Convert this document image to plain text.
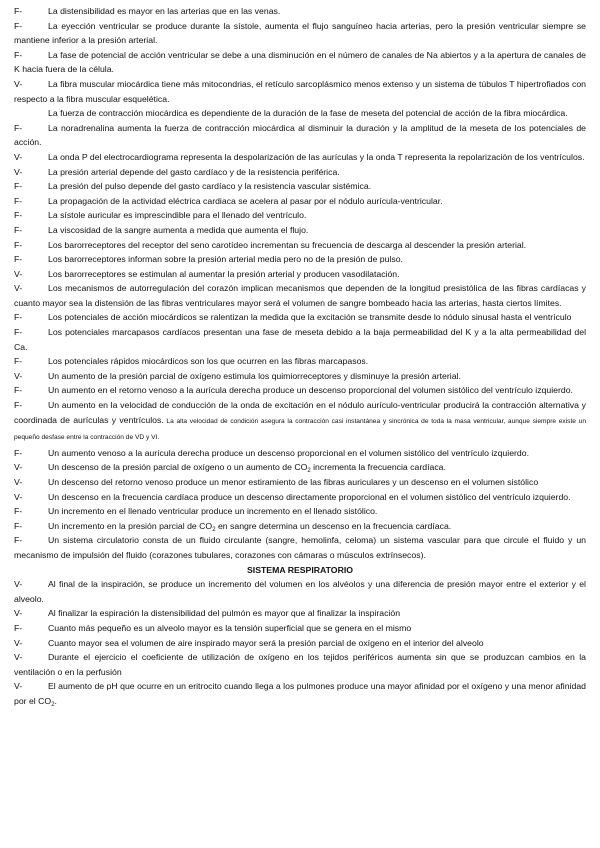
F-	La distensibilidad es mayor en las arterias que en las venas.

F-	La eyección ventricular se produce durante la sístole, aumenta el flujo sanguíneo hacia arterias, pero la presión ventricular siempre se mantiene inferior a la presión arterial.

F-	La fase de potencial de acción ventricular se debe a una disminución en el número de canales de Na abiertos y a la apertura de canales de K hacia fuera de la célula.

V-	La fibra muscular miocárdica tiene más mitocondrias, el retículo sarcoplásmico menos extenso y un sistema de túbulos T hipertrofiados con respecto a la fibra muscular esquelética.

La fuerza de contracción miocárdica es dependiente de la duración de la fase de meseta del potencial de acción de la fibra miocárdica.

F-	La noradrenalina aumenta la fuerza de contracción miocárdica al disminuir la duración y la amplitud de la meseta de los potenciales de acción.

V-	La onda P del electrocardiograma representa la despolarización de las aurículas y la onda T representa la repolarización de los ventrículos.

V-	La presión arterial depende del gasto cardíaco y de la resistencia periférica.

F-	La presión del pulso depende del gasto cardíaco y la resistencia vascular sistémica.

F-	La propagación de la actividad eléctrica cardiaca se acelera al pasar por el nódulo aurícula-ventricular.

F-	La sístole auricular es imprescindible para el llenado del ventrículo.

F-	La viscosidad de la sangre aumenta a medida que aumenta el flujo.

F-	Los barorreceptores del receptor del seno carotídeo incrementan su frecuencia de descarga al descender la presión arterial.

F-	Los barorreceptores informan sobre la presión arterial media pero no de la presión de pulso.

V-	Los barorreceptores se estimulan al aumentar la presión arterial y producen vasodilatación.

V-	Los mecanismos de autorregulación del corazón implican mecanismos que dependen de la longitud presistólica de las fibras cardíacas y cuanto mayor sea la distensión de las fibras ventriculares mayor será el volumen de sangre bombeado hacia las arterias, hasta ciertos límites.

F-	Los potenciales de acción miocárdicos se ralentizan la medida que la excitación se transmite desde lo nódulo sinusal hasta el ventrículo

F-	Los potenciales marcapasos cardíacos presentan una fase de meseta debido a la baja permeabilidad del K y a la alta permeabilidad del Ca.

F-	Los potenciales rápidos miocárdicos son los que ocurren en las fibras marcapasos.

V-	Un aumento de la presión parcial de oxígeno estimula los quimiorreceptores y disminuye la presión arterial.

F-	Un aumento en el retorno venoso a la aurícula derecha produce un descenso proporcional del volumen sistólico del ventrículo izquierdo.

F-	Un aumento en la velocidad de conducción de la onda de excitación en el nódulo aurículo-ventricular producirá la contracción alternativa y coordinada de aurículas y ventrículos. La alta velocidad de condición asegura la contracción casi instantánea y sincrónica de toda la masa ventricular, aunque siempre existe un pequeño desfase entre la contracción de VD y VI.

F-	Un aumento venoso a la aurícula derecha produce un descenso proporcional en el volumen sistólico del ventrículo izquierdo.

V-	Un descenso de la presión parcial de oxígeno o un aumento de $CO_2$ incrementa la frecuencia cardíaca.

V-	Un descenso del retorno venoso produce un menor estiramiento de las fibras auriculares y un descenso en el volumen sistólico

V-	Un descenso en la frecuencia cardíaca produce un descenso directamente proporcional en el volumen sistólico del ventrículo izquierdo.

F-	Un incremento en el llenado ventricular produce un incremento en el llenado sistólico.

F-	Un incremento en la presión parcial de $CO_2$ en sangre determina un descenso en la frecuencia cardíaca.

F-	Un sistema circulatorio consta de un fluido circulante (sangre, hemolinfa, celoma) un sistema vascular para que circule el fluido y un mecanismo de impulsión del fluido (corazones tubulares, corazones con cámaras o músculos extrínsecos).

SISTEMA RESPIRATORIO

V-	Al final de la inspiración, se produce un incremento del volumen en los alvéolos y una diferencia de presión mayor entre el exterior y el alveolo.

V-	Al finalizar la espiración la distensibilidad del pulmón es mayor que al finalizar la inspiración

F-	Cuanto más pequeño es un alveolo mayor es la tensión superficial que se genera en el mismo

V-	Cuanto mayor sea el volumen de aire inspirado mayor será la presión parcial de oxígeno en el interior del alveolo

V-	Durante el ejercicio el coeficiente de utilización de oxígeno en los tejidos periféricos aumenta sin que se produzcan cambios en la ventilación o en la perfusión

V-	El aumento de pH que ocurre en un eritrocito cuando llega a los pulmones produce una mayor afinidad por el oxígeno y una menor afinidad por el $CO_2$.
